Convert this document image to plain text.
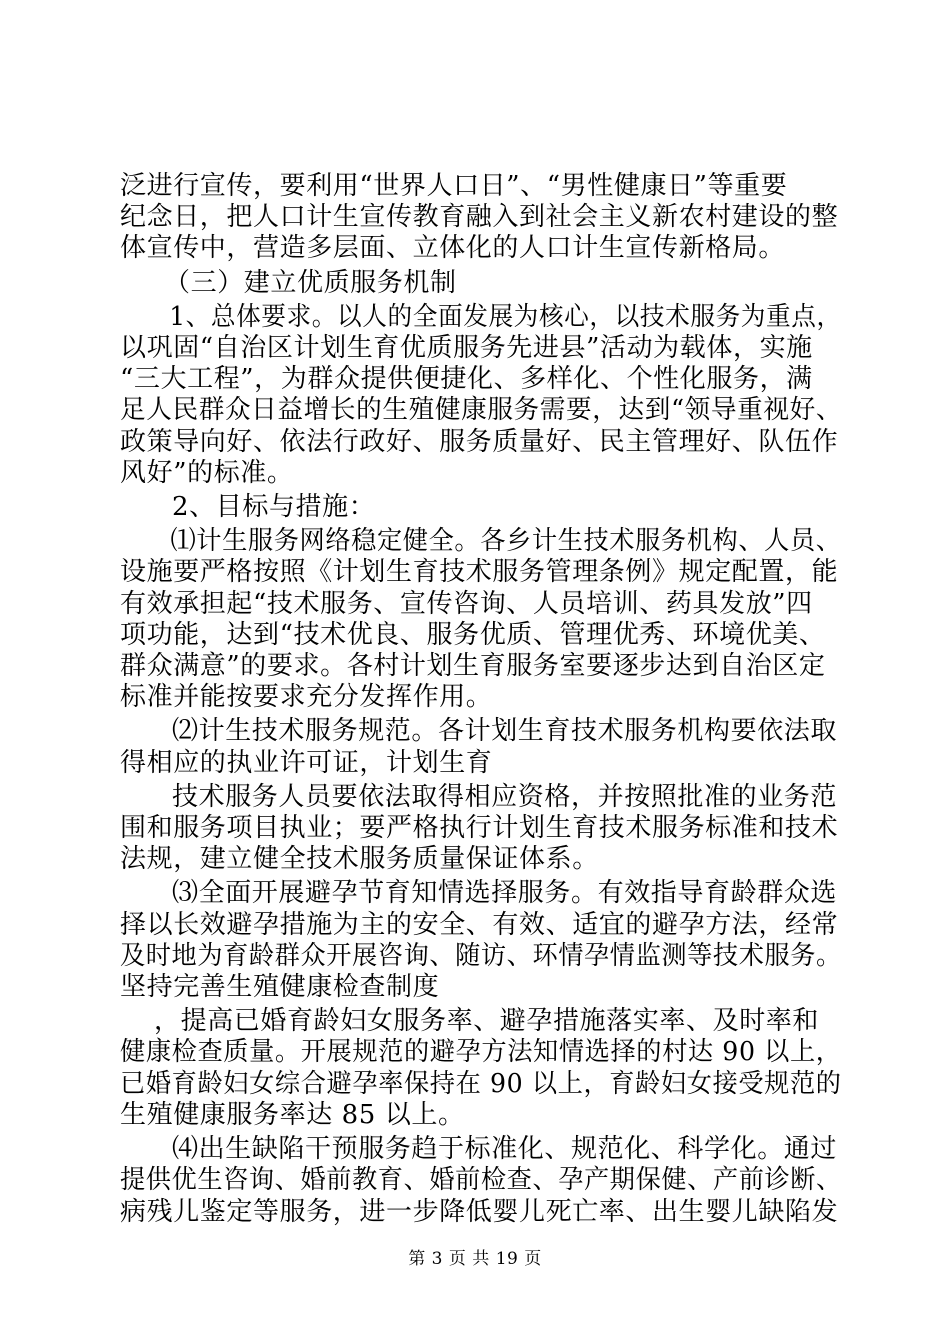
泛进行宣传，要利用“世界人口日”、“男性健康日”等重要
纪念日，把人口计生宣传教育融入到社会主义新农村建设的整
体宣传中，营造多层面、立体化的人口计生宣传新格局。
（三）建立优质服务机制
1、总体要求。以人的全面发展为核心，以技术服务为重点，
以巩固“自治区计划生育优质服务先进县”活动为载体，实施
“三大工程”，为群众提供便捷化、多样化、个性化服务，满
足人民群众日益增长的生殖健康服务需要，达到“领导重视好、
政策导向好、依法行政好、服务质量好、民主管理好、队伍作
风好”的标准。
2、目标与措施：
⑴计生服务网络稳定健全。各乡计生技术服务机构、人员、
设施要严格按照《计划生育技术服务管理条例》规定配置，能
有效承担起“技术服务、宣传咨询、人员培训、药具发放”四
项功能，达到“技术优良、服务优质、管理优秀、环境优美、
群众满意”的要求。各村计划生育服务室要逐步达到自治区定
标准并能按要求充分发挥作用。
⑵计生技术服务规范。各计划生育技术服务机构要依法取
得相应的执业许可证，计划生育
技术服务人员要依法取得相应资格，并按照批准的业务范
围和服务项目执业；要严格执行计划生育技术服务标准和技术
法规，建立健全技术服务质量保证体系。
⑶全面开展避孕节育知情选择服务。有效指导育龄群众选
择以长效避孕措施为主的安全、有效、适宜的避孕方法，经常
及时地为育龄群众开展咨询、随访、环情孕情监测等技术服务。
坚持完善生殖健康检查制度
，提高已婚育龄妇女服务率、避孕措施落实率、及时率和
健康检查质量。开展规范的避孕方法知情选择的村达 90 以上，
已婚育龄妇女综合避孕率保持在 90 以上，育龄妇女接受规范的
生殖健康服务率达 85 以上。
⑷出生缺陷干预服务趋于标准化、规范化、科学化。通过
提供优生咨询、婚前教育、婚前检查、孕产期保健、产前诊断、
病残儿鉴定等服务，进一步降低婴儿死亡率、出生婴儿缺陷发
第 3 页 共 19 页
